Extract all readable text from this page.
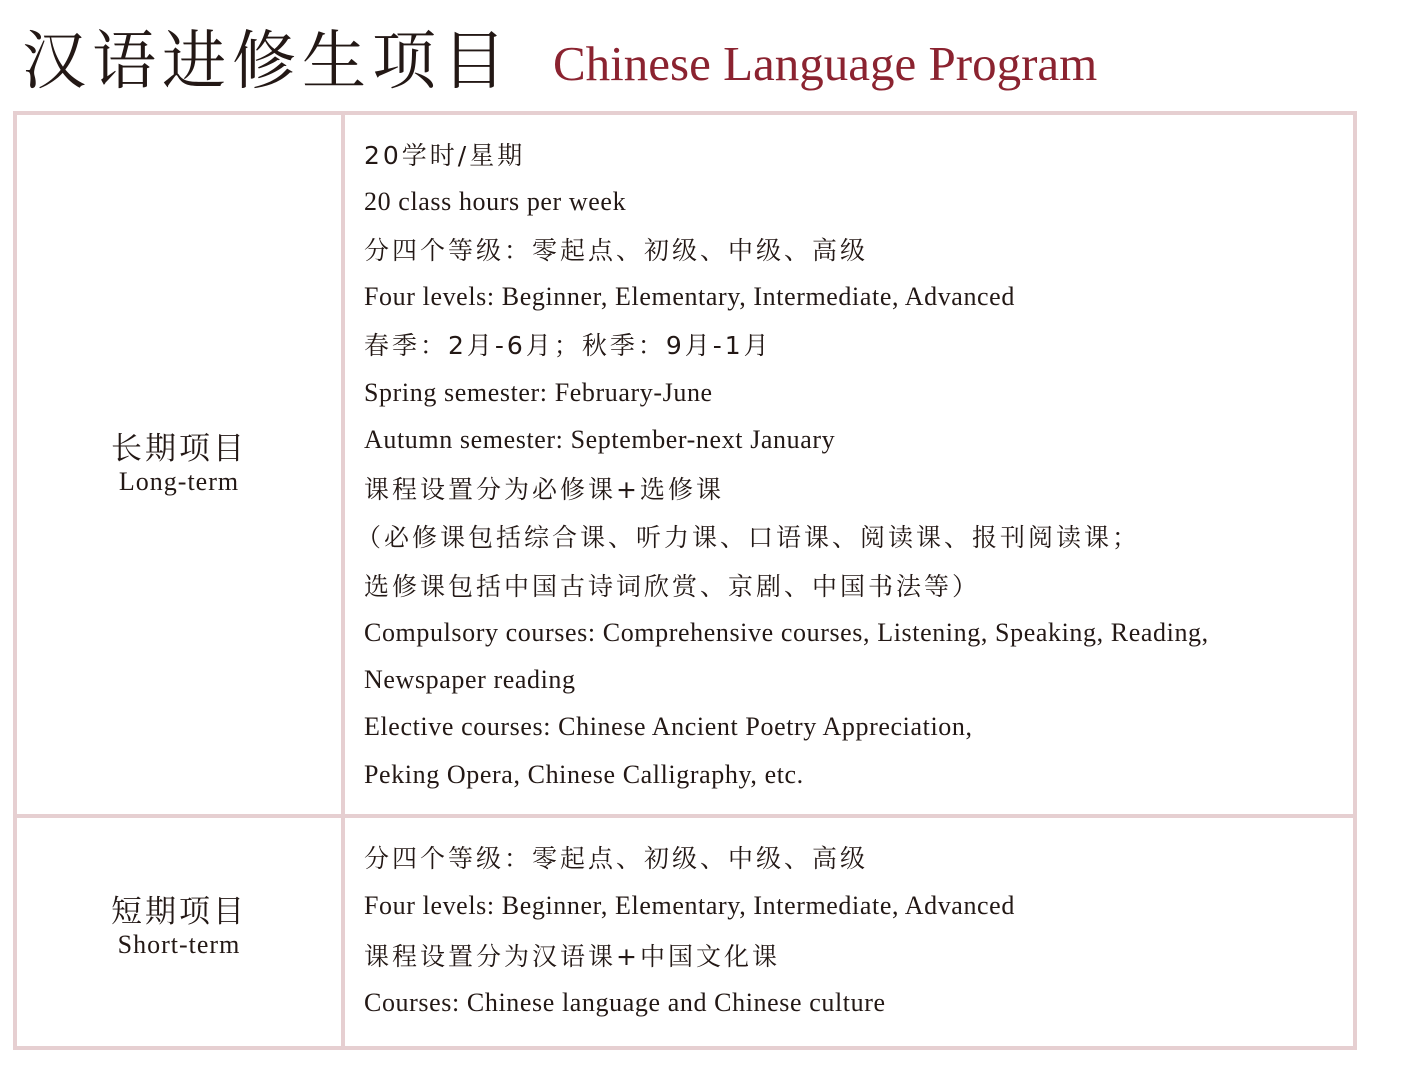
汉语进修生项目 Chinese Language Program
长期项目
Long-term
20学时/星期
20 class hours per week
分四个等级：零起点、初级、中级、高级
Four levels: Beginner, Elementary, Intermediate, Advanced
春季：2月-6月；秋季：9月-1月
Spring semester: February-June
Autumn semester: September-next January
课程设置分为必修课+选修课
（必修课包括综合课、听力课、口语课、阅读课、报刊阅读课；
选修课包括中国古诗词欣赏、京剧、中国书法等）
Compulsory courses: Comprehensive courses, Listening, Speaking, Reading,
Newspaper reading
Elective courses: Chinese Ancient Poetry Appreciation,
Peking Opera, Chinese Calligraphy, etc.
短期项目
Short-term
分四个等级：零起点、初级、中级、高级
Four levels: Beginner, Elementary, Intermediate, Advanced
课程设置分为汉语课+中国文化课
Courses: Chinese language and Chinese culture
